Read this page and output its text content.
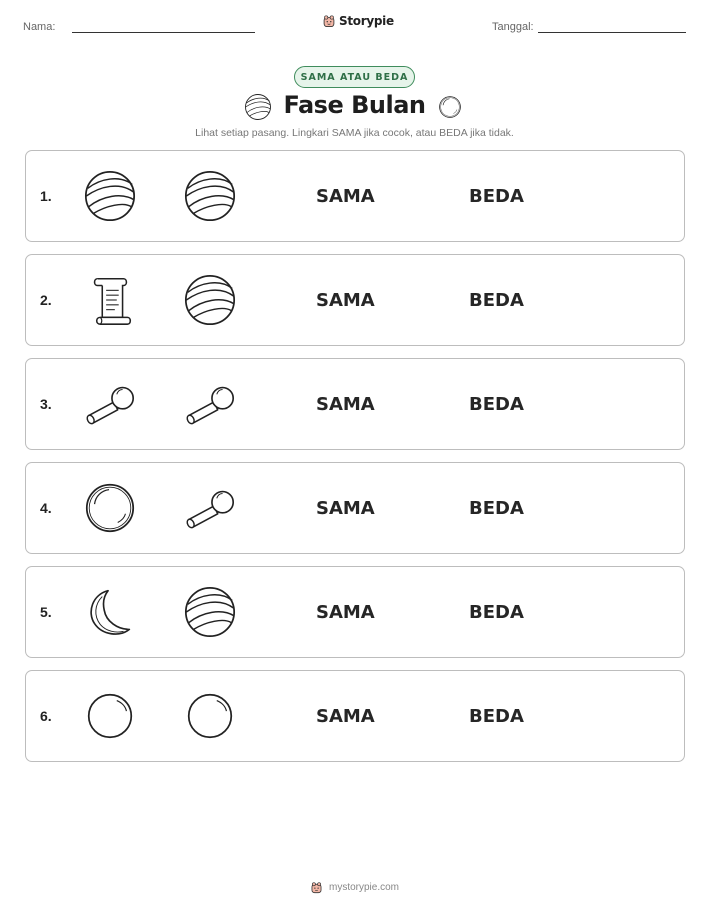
Nama:	Storypie	Tanggal:
SAMA ATAU BEDA
Fase Bulan
Lihat setiap pasang. Lingkari SAMA jika cocok, atau BEDA jika tidak.
1.	SAMA	BEDA
2.	SAMA	BEDA
3.	SAMA	BEDA
4.	SAMA	BEDA
5.	SAMA	BEDA
6.	SAMA	BEDA
mystorypie.com
